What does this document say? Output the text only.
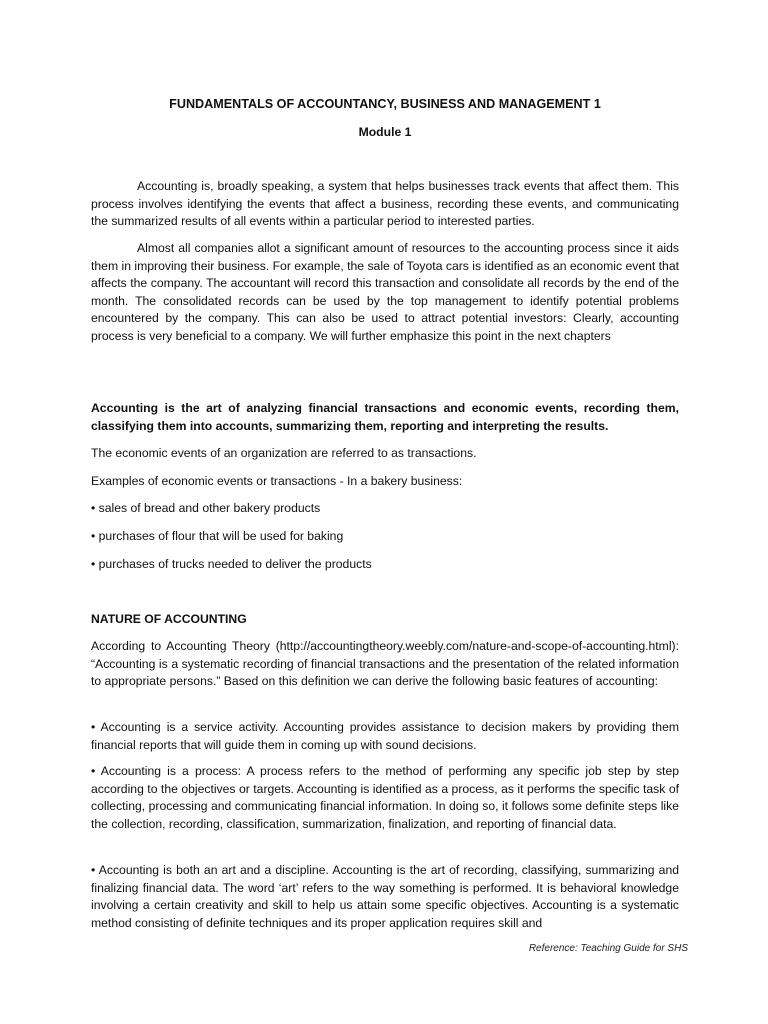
FUNDAMENTALS OF ACCOUNTANCY, BUSINESS AND MANAGEMENT 1
Module 1

Accounting is, broadly speaking, a system that helps businesses track events that affect them. This process involves identifying the events that affect a business, recording these events, and communicating the summarized results of all events within a particular period to interested parties.

Almost all companies allot a significant amount of resources to the accounting process since it aids them in improving their business. For example, the sale of Toyota cars is identified as an economic event that affects the company. The accountant will record this transaction and consolidate all records by the end of the month. The consolidated records can be used by the top management to identify potential problems encountered by the company. This can also be used to attract potential investors: Clearly, accounting process is very beneficial to a company. We will further emphasize this point in the next chapters

Accounting is the art of analyzing financial transactions and economic events, recording them, classifying them into accounts, summarizing them, reporting and interpreting the results.

The economic events of an organization are referred to as transactions.

Examples of economic events or transactions - In a bakery business:

• sales of bread and other bakery products

• purchases of flour that will be used for baking

• purchases of trucks needed to deliver the products

NATURE OF ACCOUNTING

According to Accounting Theory (http://accountingtheory.weebly.com/nature-and-scope-of-accounting.html): “Accounting is a systematic recording of financial transactions and the presentation of the related information to appropriate persons.” Based on this definition we can derive the following basic features of accounting:

• Accounting is a service activity. Accounting provides assistance to decision makers by providing them financial reports that will guide them in coming up with sound decisions.

• Accounting is a process: A process refers to the method of performing any specific job step by step according to the objectives or targets. Accounting is identified as a process, as it performs the specific task of collecting, processing and communicating financial information. In doing so, it follows some definite steps like the collection, recording, classification, summarization, finalization, and reporting of financial data.

• Accounting is both an art and a discipline. Accounting is the art of recording, classifying, summarizing and finalizing financial data. The word ‘art’ refers to the way something is performed. It is behavioral knowledge involving a certain creativity and skill to help us attain some specific objectives. Accounting is a systematic method consisting of definite techniques and its proper application requires skill and

Reference: Teaching Guide for SHS
